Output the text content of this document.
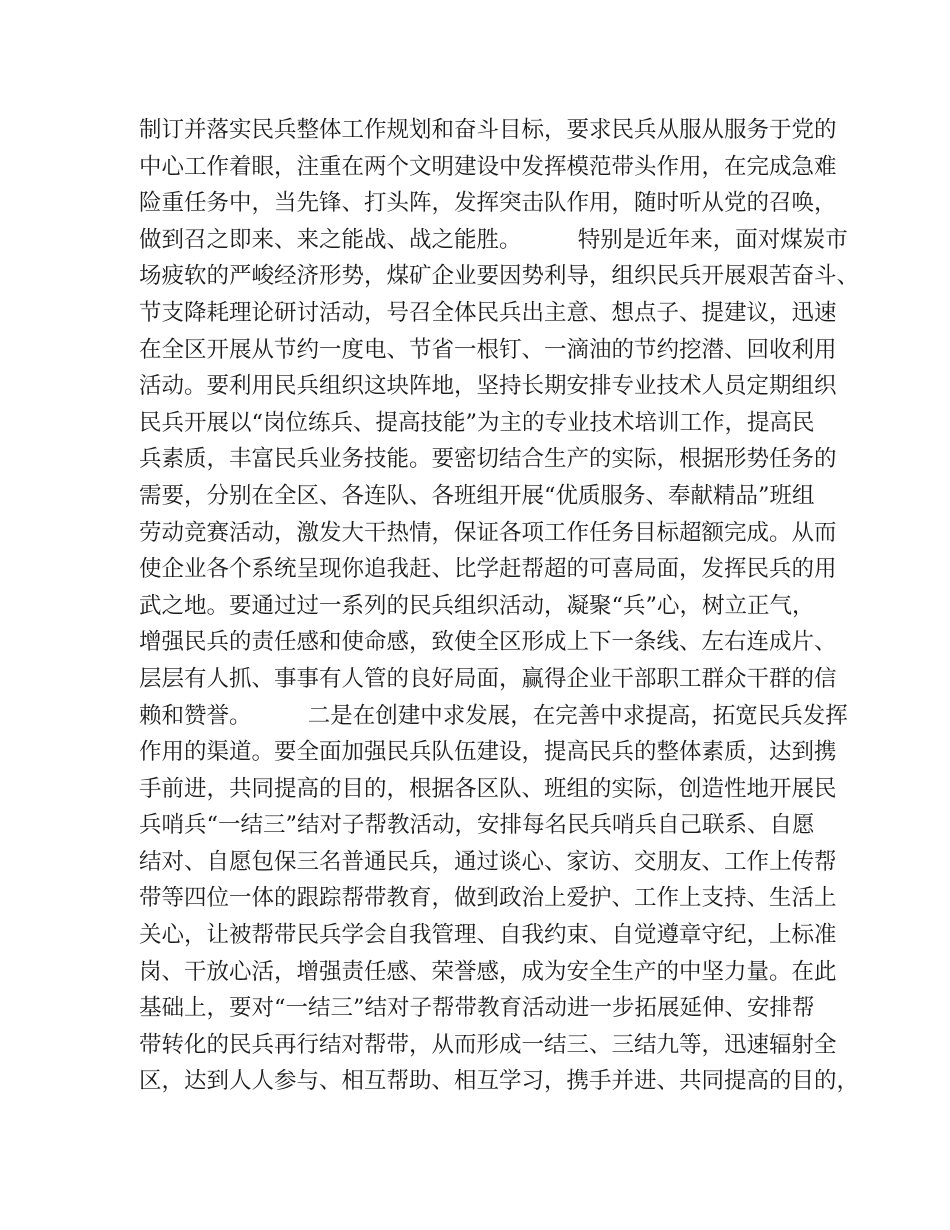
制订并落实民兵整体工作规划和奋斗目标，要求民兵从服从服务于党的
中心工作着眼，注重在两个文明建设中发挥模范带头作用，在完成急难
险重任务中，当先锋、打头阵，发挥突击队作用，随时听从党的召唤，
做到召之即来、来之能战、战之能胜。　　　特别是近年来，面对煤炭市
场疲软的严峻经济形势，煤矿企业要因势利导，组织民兵开展艰苦奋斗、
节支降耗理论研讨活动，号召全体民兵出主意、想点子、提建议，迅速
在全区开展从节约一度电、节省一根钉、一滴油的节约挖潜、回收利用
活动。要利用民兵组织这块阵地，坚持长期安排专业技术人员定期组织
民兵开展以“岗位练兵、提高技能”为主的专业技术培训工作，提高民
兵素质，丰富民兵业务技能。要密切结合生产的实际，根据形势任务的
需要，分别在全区、各连队、各班组开展“优质服务、奉献精品”班组
劳动竞赛活动，激发大干热情，保证各项工作任务目标超额完成。从而
使企业各个系统呈现你追我赶、比学赶帮超的可喜局面，发挥民兵的用
武之地。要通过过一系列的民兵组织活动，凝聚“兵”心，树立正气，
增强民兵的责任感和使命感，致使全区形成上下一条线、左右连成片、
层层有人抓、事事有人管的良好局面，赢得企业干部职工群众干群的信
赖和赞誉。　　　二是在创建中求发展，在完善中求提高，拓宽民兵发挥
作用的渠道。要全面加强民兵队伍建设，提高民兵的整体素质，达到携
手前进，共同提高的目的，根据各区队、班组的实际，创造性地开展民
兵哨兵“一结三”结对子帮教活动，安排每名民兵哨兵自己联系、自愿
结对、自愿包保三名普通民兵，通过谈心、家访、交朋友、工作上传帮
带等四位一体的跟踪帮带教育，做到政治上爱护、工作上支持、生活上
关心，让被帮带民兵学会自我管理、自我约束、自觉遵章守纪，上标准
岗、干放心活，增强责任感、荣誉感，成为安全生产的中坚力量。在此
基础上，要对“一结三”结对子帮带教育活动进一步拓展延伸、安排帮
带转化的民兵再行结对帮带，从而形成一结三、三结九等，迅速辐射全
区，达到人人参与、相互帮助、相互学习，携手并进、共同提高的目的，
